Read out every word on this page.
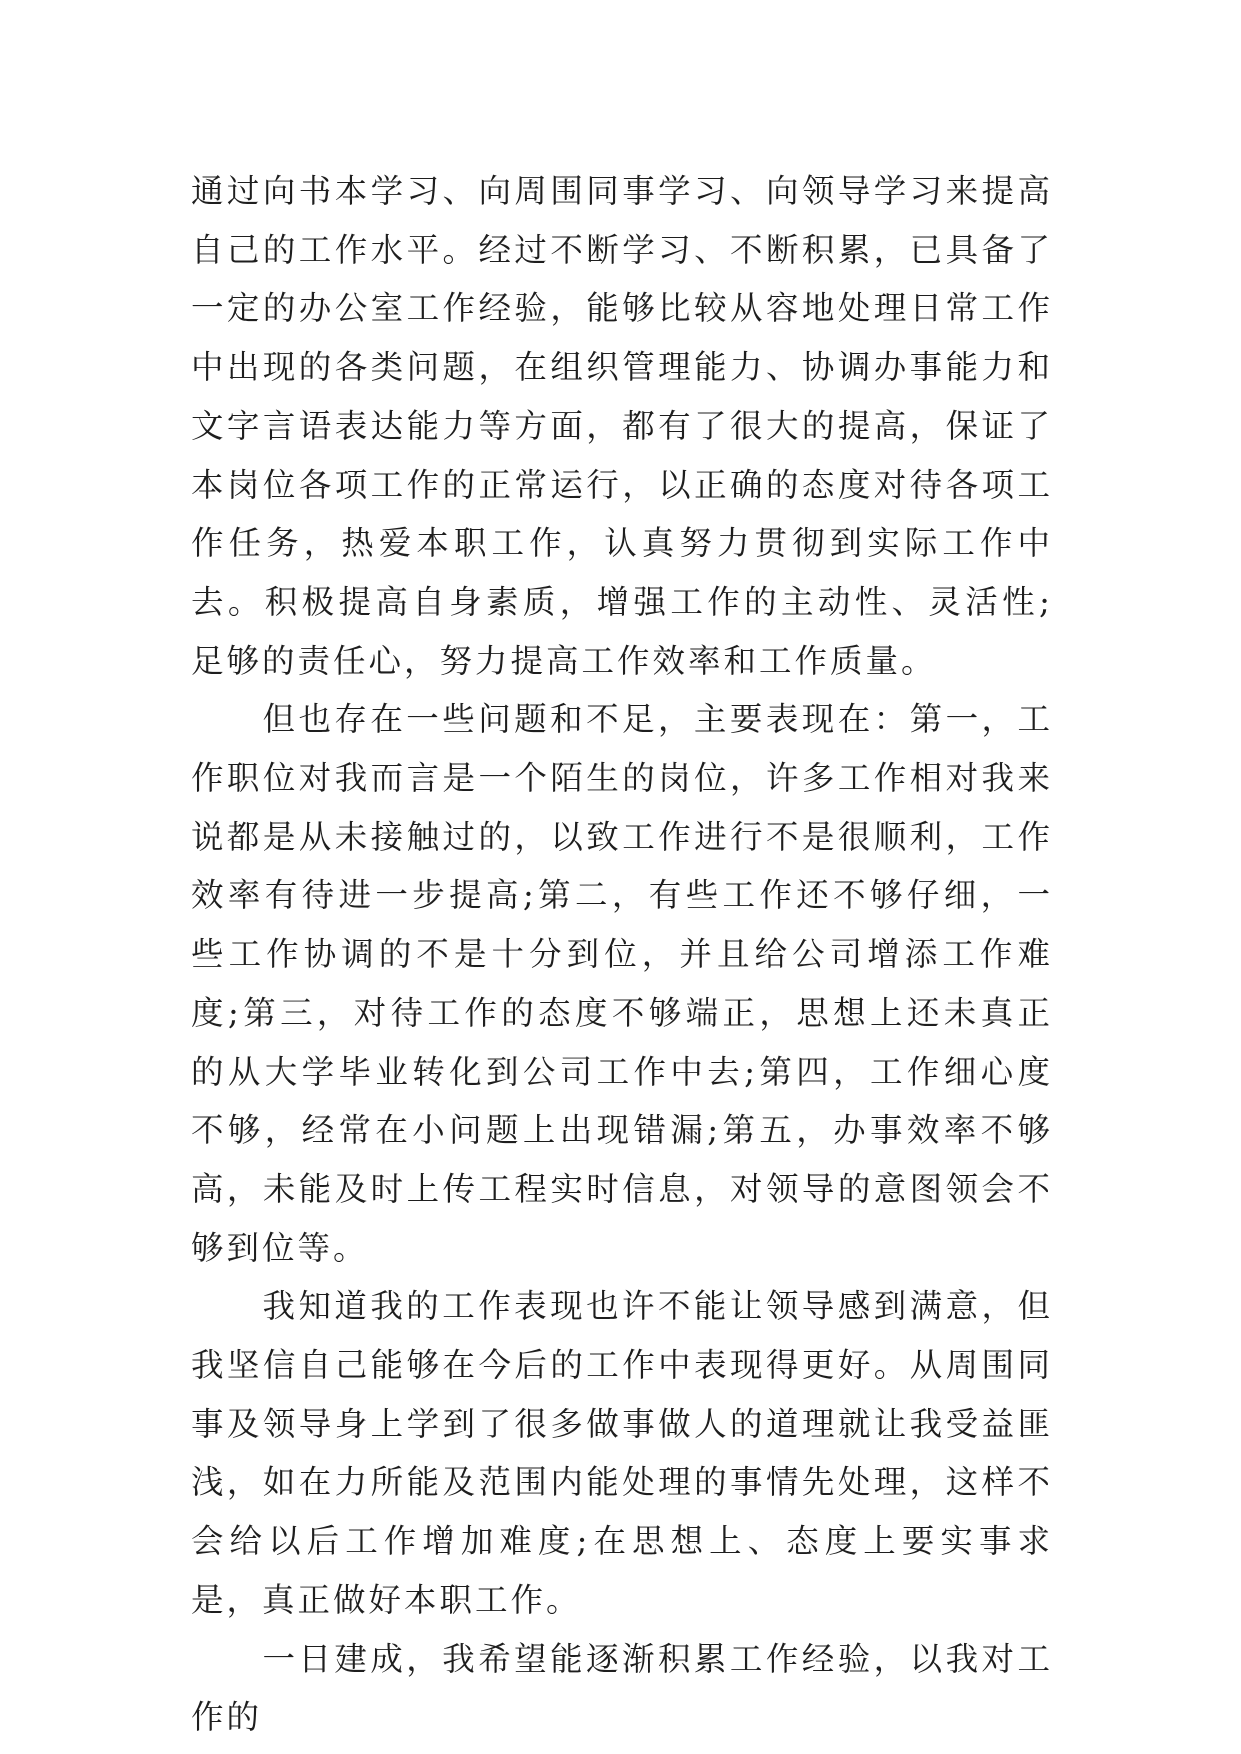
通过向书本学习、向周围同事学习、向领导学习来提高自己的工作水平。经过不断学习、不断积累，已具备了一定的办公室工作经验，能够比较从容地处理日常工作中出现的各类问题，在组织管理能力、协调办事能力和文字言语表达能力等方面，都有了很大的提高，保证了本岗位各项工作的正常运行，以正确的态度对待各项工作任务，热爱本职工作，认真努力贯彻到实际工作中去。积极提高自身素质，增强工作的主动性、灵活性;足够的责任心，努力提高工作效率和工作质量。

但也存在一些问题和不足，主要表现在：第一，工作职位对我而言是一个陌生的岗位，许多工作相对我来说都是从未接触过的，以致工作进行不是很顺利，工作效率有待进一步提高;第二，有些工作还不够仔细，一些工作协调的不是十分到位，并且给公司增添工作难度;第三，对待工作的态度不够端正，思想上还未真正的从大学毕业转化到公司工作中去;第四，工作细心度不够，经常在小问题上出现错漏;第五，办事效率不够高，未能及时上传工程实时信息，对领导的意图领会不够到位等。

我知道我的工作表现也许不能让领导感到满意，但我坚信自己能够在今后的工作中表现得更好。从周围同事及领导身上学到了很多做事做人的道理就让我受益匪浅，如在力所能及范围内能处理的事情先处理，这样不会给以后工作增加难度;在思想上、态度上要实事求是，真正做好本职工作。

一日建成，我希望能逐渐积累工作经验，以我对工作的
